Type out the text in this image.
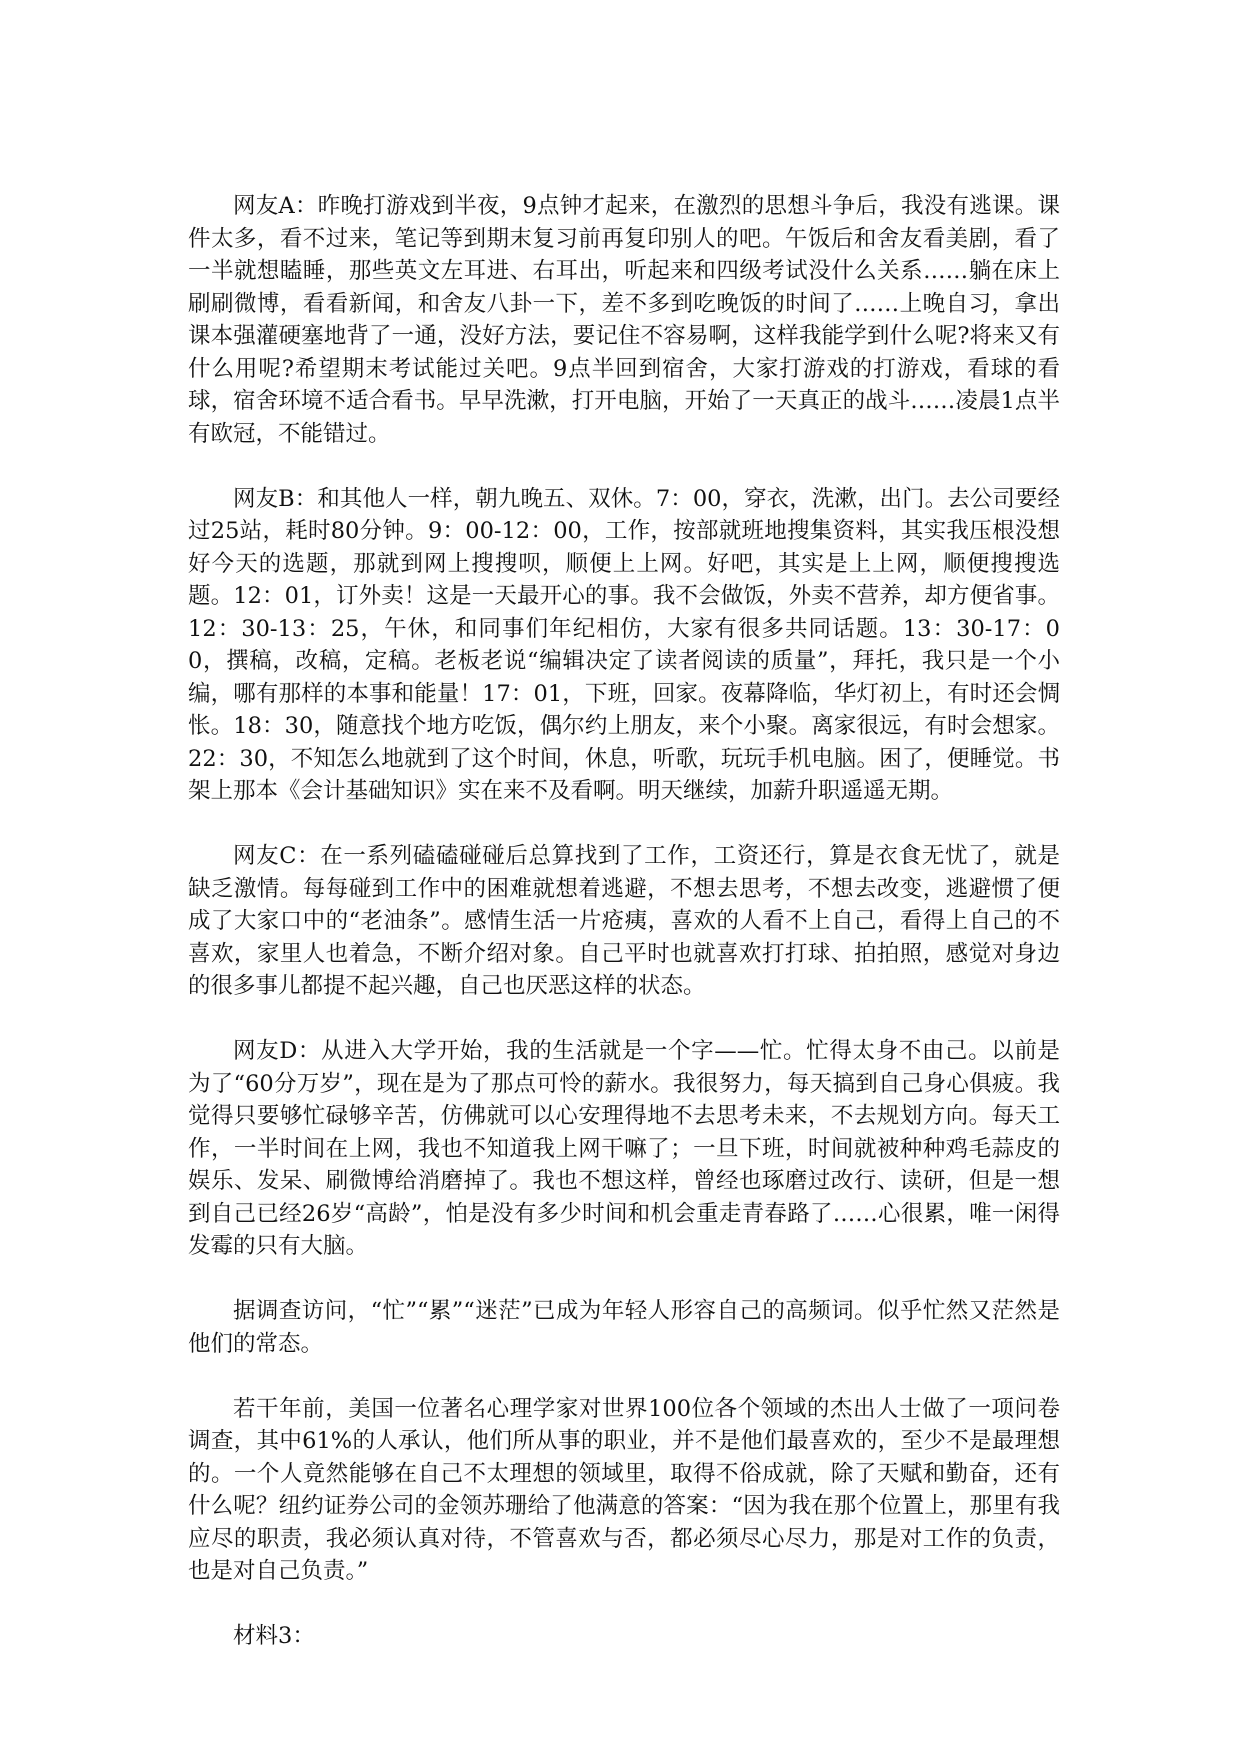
网友A：昨晚打游戏到半夜，9点钟才起来，在激烈的思想斗争后，我没有逃课。课件太多，看不过来，笔记等到期末复习前再复印别人的吧。午饭后和舍友看美剧，看了一半就想瞌睡，那些英文左耳进、右耳出，听起来和四级考试没什么关系……躺在床上刷刷微博，看看新闻，和舍友八卦一下，差不多到吃晚饭的时间了……上晚自习，拿出课本强灌硬塞地背了一通，没好方法，要记住不容易啊，这样我能学到什么呢?将来又有什么用呢?希望期末考试能过关吧。9点半回到宿舍，大家打游戏的打游戏，看球的看球，宿舍环境不适合看书。早早洗漱，打开电脑，开始了一天真正的战斗……凌晨1点半有欧冠，不能错过。

网友B：和其他人一样，朝九晚五、双休。7：00，穿衣，洗漱，出门。去公司要经过25站，耗时80分钟。9：00-12：00，工作，按部就班地搜集资料，其实我压根没想好今天的选题，那就到网上搜搜呗，顺便上上网。好吧，其实是上上网，顺便搜搜选题。12：01，订外卖！这是一天最开心的事。我不会做饭，外卖不营养，却方便省事。12：30-13：25，午休，和同事们年纪相仿，大家有很多共同话题。13：30-17：00，撰稿，改稿，定稿。老板老说“编辑决定了读者阅读的质量”，拜托，我只是一个小编，哪有那样的本事和能量！17：01，下班，回家。夜幕降临，华灯初上，有时还会惆怅。18：30，随意找个地方吃饭，偶尔约上朋友，来个小聚。离家很远，有时会想家。22：30，不知怎么地就到了这个时间，休息，听歌，玩玩手机电脑。困了，便睡觉。书架上那本《会计基础知识》实在来不及看啊。明天继续，加薪升职遥遥无期。

网友C：在一系列磕磕碰碰后总算找到了工作，工资还行，算是衣食无忧了，就是缺乏激情。每每碰到工作中的困难就想着逃避，不想去思考，不想去改变，逃避惯了便成了大家口中的“老油条”。感情生活一片疮痍，喜欢的人看不上自己，看得上自己的不喜欢，家里人也着急，不断介绍对象。自己平时也就喜欢打打球、拍拍照，感觉对身边的很多事儿都提不起兴趣，自己也厌恶这样的状态。

网友D：从进入大学开始，我的生活就是一个字——忙。忙得太身不由己。以前是为了“60分万岁”，现在是为了那点可怜的薪水。我很努力，每天搞到自己身心俱疲。我觉得只要够忙碌够辛苦，仿佛就可以心安理得地不去思考未来，不去规划方向。每天工作，一半时间在上网，我也不知道我上网干嘛了；一旦下班，时间就被种种鸡毛蒜皮的娱乐、发呆、刷微博给消磨掉了。我也不想这样，曾经也琢磨过改行、读研，但是一想到自己已经26岁“高龄”，怕是没有多少时间和机会重走青春路了……心很累，唯一闲得发霉的只有大脑。

据调查访问，“忙”“累”“迷茫”已成为年轻人形容自己的高频词。似乎忙然又茫然是他们的常态。

若干年前，美国一位著名心理学家对世界100位各个领域的杰出人士做了一项问卷调查，其中61%的人承认，他们所从事的职业，并不是他们最喜欢的，至少不是最理想的。一个人竟然能够在自己不太理想的领域里，取得不俗成就，除了天赋和勤奋，还有什么呢？纽约证券公司的金领苏珊给了他满意的答案：“因为我在那个位置上，那里有我应尽的职责，我必须认真对待，不管喜欢与否，都必须尽心尽力，那是对工作的负责，也是对自己负责。”

材料3：
